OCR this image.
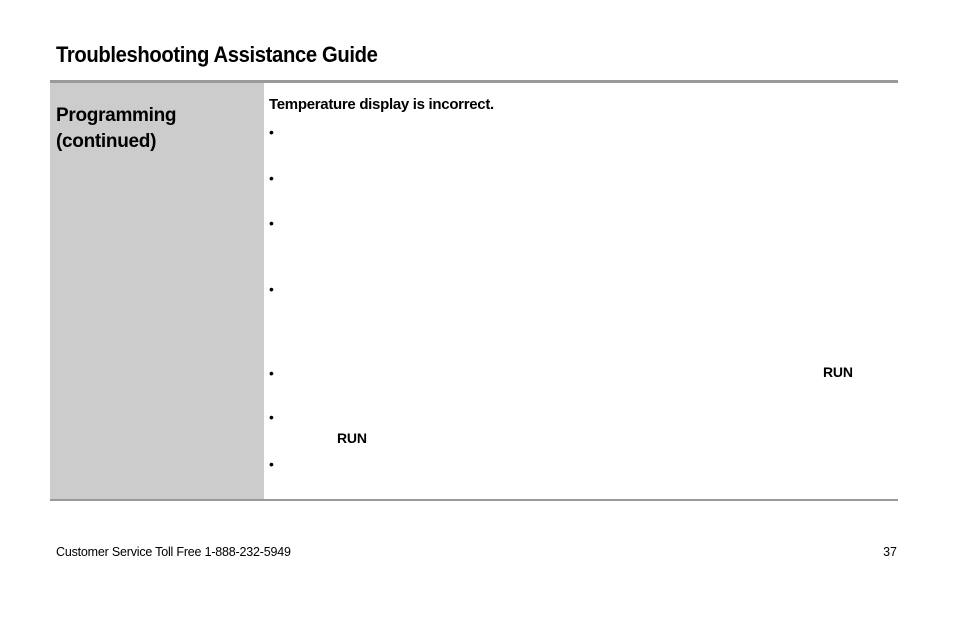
Troubleshooting Assistance Guide
Programming
(continued)
Temperature display is incorrect.
•
•
•
•
•	RUN
•
RUN
•
Customer Service Toll Free 1-888-232-5949	37
